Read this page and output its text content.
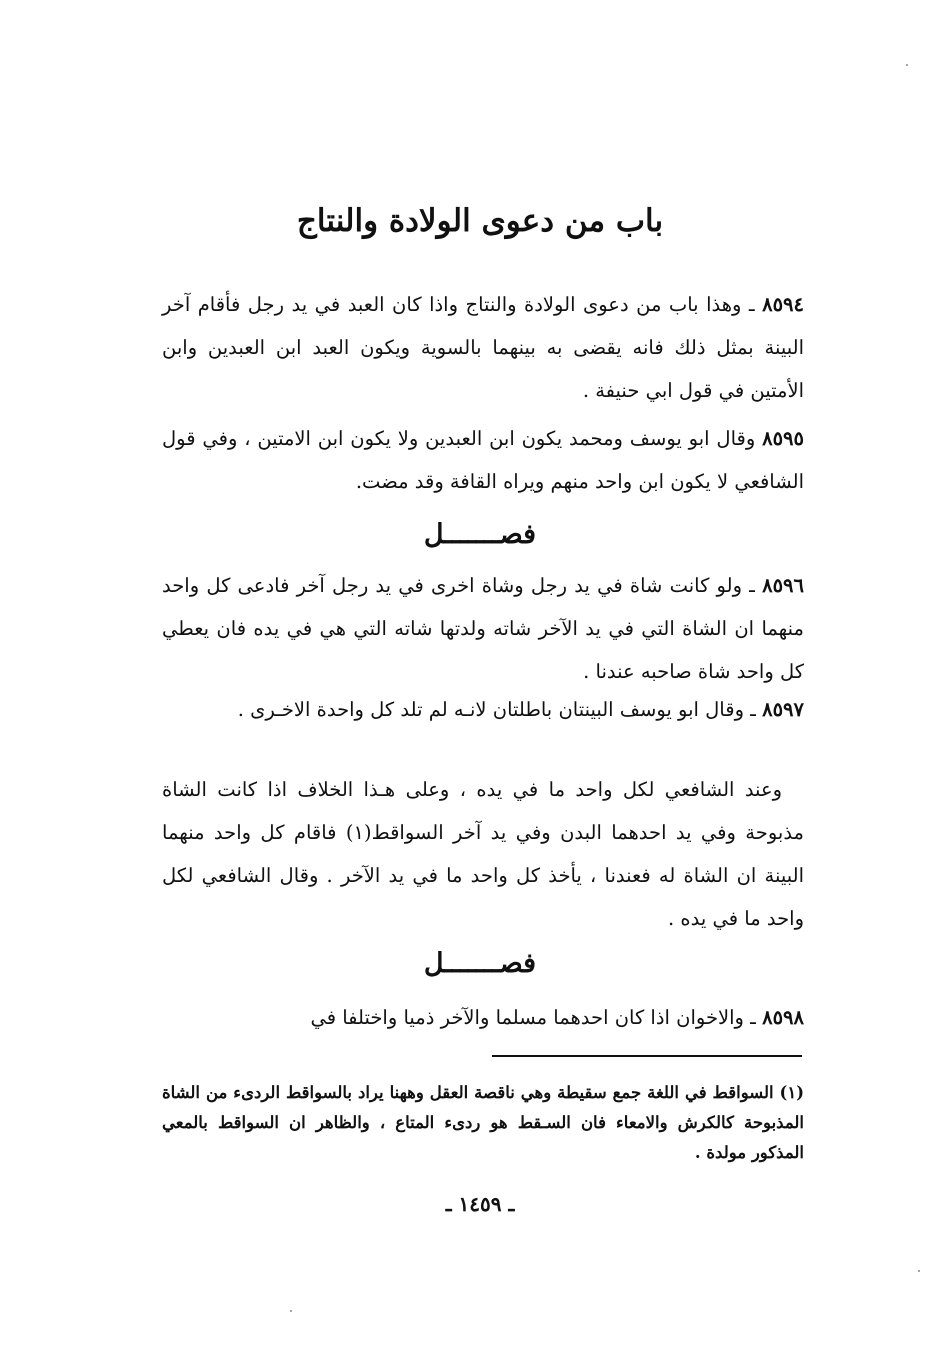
باب من دعوى الولادة والنتاج

٨٥٩٤ ـ وهذا باب من دعوى الولادة والنتاج واذا كان العبد في يد رجل فأقام آخر البينة بمثل ذلك فانه يقضى به بينهما بالسوية ويكون العبد ابن العبدين وابن الأمتين في قول ابي حنيفة .

٨٥٩٥ وقال ابو يوسف ومحمد يكون ابن العبدين ولا يكون ابن الامتين ، وفي قول الشافعي لا يكون ابن واحد منهم ويراه القافة وقد مضت.

فصـــــــل

٨٥٩٦ ـ ولو كانت شاة في يد رجل وشاة اخرى في يد رجل آخر فادعى كل واحد منهما ان الشاة التي في يد الآخر شاته ولدتها شاته التي هي في يده فان يعطي كل واحد شاة صاحبه عندنا .

٨٥٩٧ ـ وقال ابو يوسف البينتان باطلتان لانـه لم تلد كل واحدة الاخـرى .

وعند الشافعي لكل واحد ما في يده ، وعلى هـذا الخلاف اذا كانت الشاة مذبوحة وفي يد احدهما البدن وفي يد آخر السواقط(١) فاقام كل واحد منهما البينة ان الشاة له فعندنا ، يأخذ كل واحد ما في يد الآخر . وقال الشافعي لكل واحد ما في يده .

فصـــــــل

٨٥٩٨ ـ والاخوان اذا كان احدهما مسلما والآخر ذميا واختلفا في

(١) السواقط في اللغة جمع سقيطة وهي ناقصة العقل وههنا يراد بالسواقط الردىء من الشاة المذبوحة كالكرش والامعاء فان السـقط هو ردىء المتاع ، والظاهر ان السواقط بالمعي المذكور مولدة .

ـ ١٤٥٩ ـ
